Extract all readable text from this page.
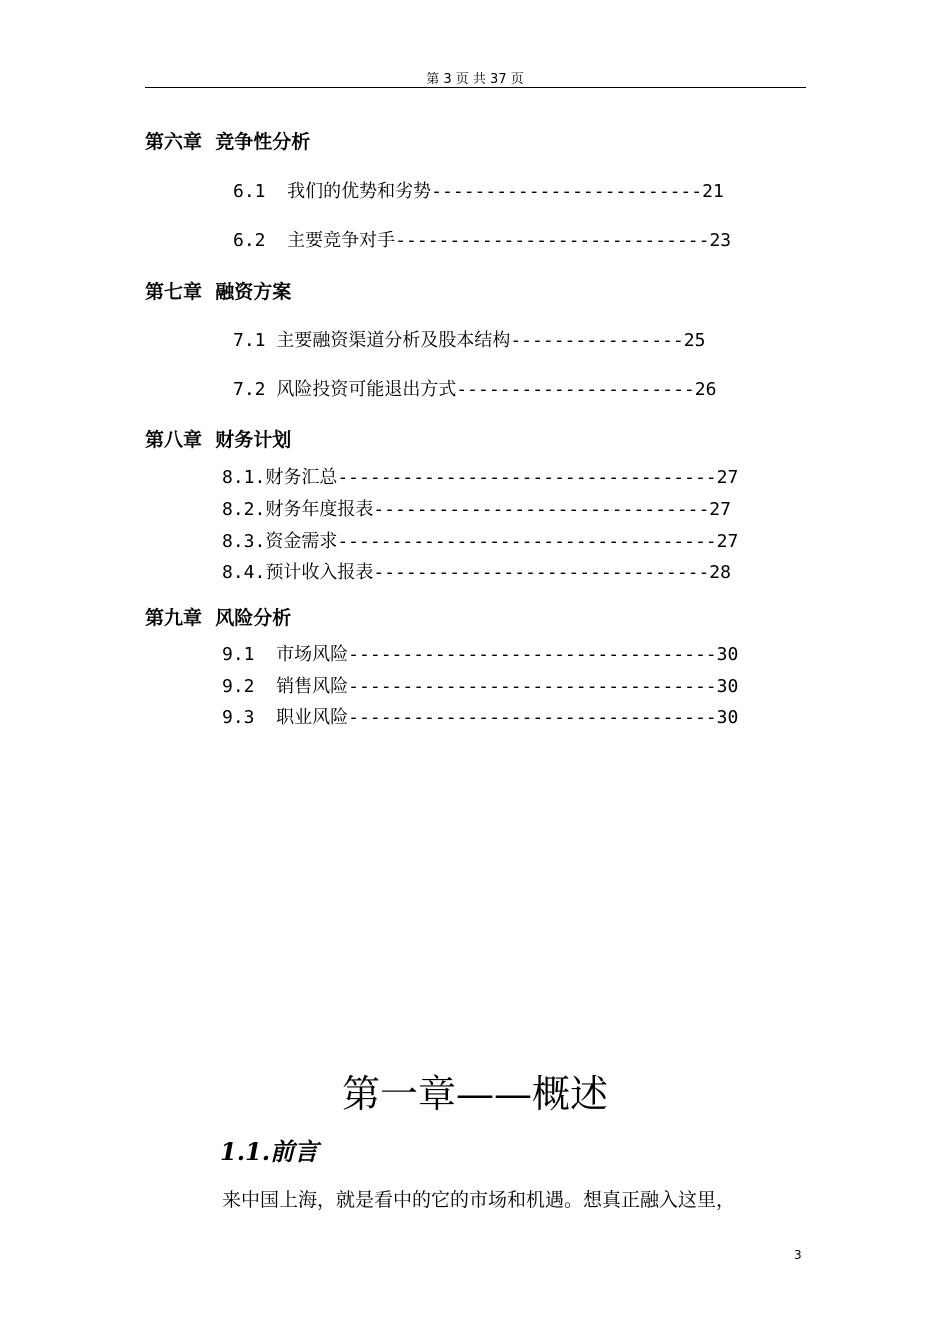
第 3 页 共 37 页
第六章  竞争性分析
6.1  我们的优势和劣势-------------------------21
6.2  主要竞争对手-----------------------------23
第七章  融资方案
7.1 主要融资渠道分析及股本结构----------------25
7.2 风险投资可能退出方式----------------------26
第八章  财务计划
8.1.财务汇总-----------------------------------27
8.2.财务年度报表-------------------------------27
8.3.资金需求-----------------------------------27
8.4.预计收入报表-------------------------------28
第九章  风险分析
9.1  市场风险----------------------------------30
9.2  销售风险----------------------------------30
9.3  职业风险----------------------------------30
第一章——概述
1.1.前言
来中国上海，就是看中的它的市场和机遇。想真正融入这里，
3
